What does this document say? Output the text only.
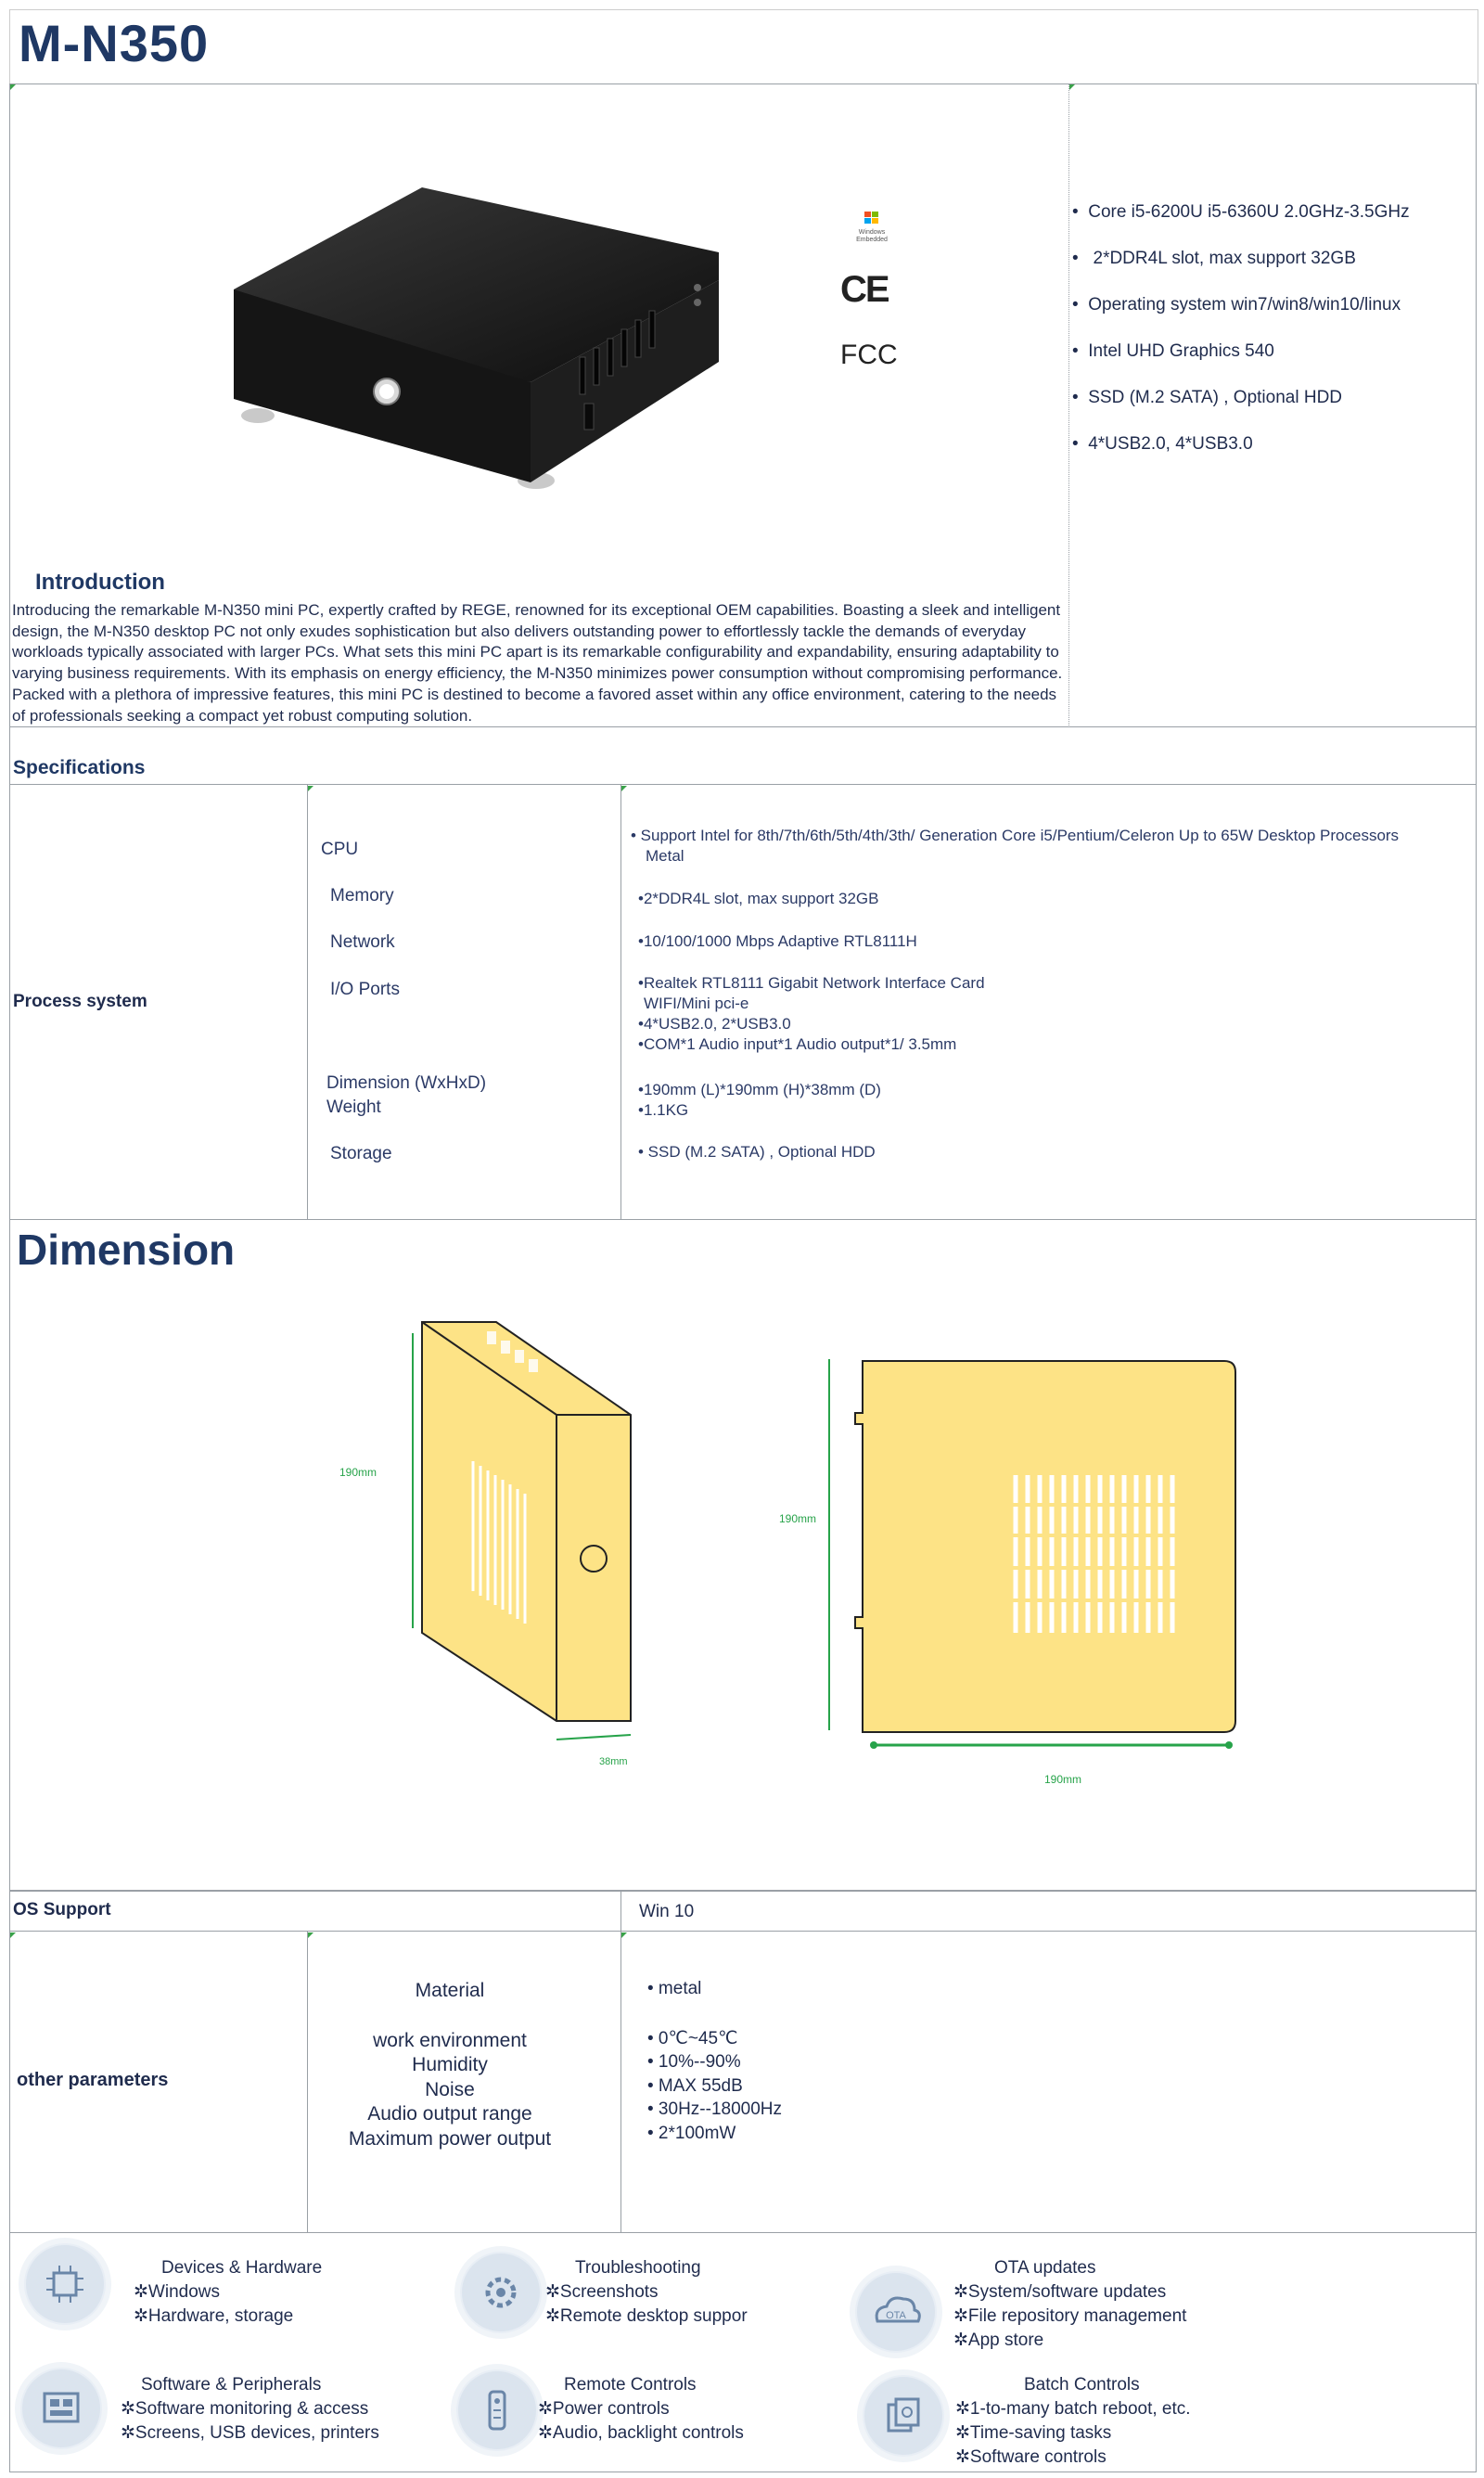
M-N350
Windows Embedded
CE
FCC
•  Core i5-6200U i5-6360U 2.0GHz-3.5GHz
•   2*DDR4L slot, max support 32GB
•  Operating system win7/win8/win10/linux
•  Intel UHD Graphics 540
•  SSD (M.2 SATA) , Optional HDD
•  4*USB2.0, 4*USB3.0
Introduction
Introducing the remarkable M-N350 mini PC, expertly crafted by REGE, renowned for its exceptional OEM capabilities. Boasting a sleek and intelligent design, the M-N350 desktop PC not only exudes sophistication but also delivers outstanding power to effortlessly tackle the demands of everyday workloads typically associated with larger PCs. What sets this mini PC apart is its remarkable configurability and expandability, ensuring adaptability to varying business requirements. With its emphasis on energy efficiency, the M-N350 minimizes power consumption without compromising performance. Packed with a plethora of impressive features, this mini PC is destined to become a favored asset within any office environment, catering to the needs of professionals seeking a compact yet robust computing solution.
Specifications
Process system
CPU
Memory
Network
I/O Ports
Dimension (WxHxD)
Weight
Storage
• Support Intel for 8th/7th/6th/5th/4th/3th/ Generation Core i5/Pentium/Celeron Up to 65W Desktop Processors
Metal
•2*DDR4L slot, max support 32GB
•10/100/1000 Mbps Adaptive RTL8111H
•Realtek RTL8111 Gigabit Network Interface Card
WIFI/Mini pci-e
•4*USB2.0, 2*USB3.0
•COM*1 Audio input*1 Audio output*1/ 3.5mm
•190mm (L)*190mm (H)*38mm (D)
•1.1KG
• SSD (M.2 SATA) , Optional HDD
Dimension
190mm
38mm
190mm
190mm
OS Support	Win 10
other parameters
Material
work environment
Humidity
Noise
Audio output range
Maximum power output
• metal
• 0℃~45℃
• 10%--90%
• MAX 55dB
• 30Hz--18000Hz
• 2*100mW
Devices & Hardware
✲Windows
✲Hardware, storage
Troubleshooting
✲Screenshots
✲Remote desktop suppor	OTA
OTA updates
✲System/software updates
✲File repository management
✲App store
Software & Peripherals
✲Software monitoring & access
✲Screens, USB devices, printers
Remote Controls
✲Power controls
✲Audio, backlight controls
Batch Controls
✲1-to-many batch reboot, etc.
✲Time-saving tasks
✲Software controls
